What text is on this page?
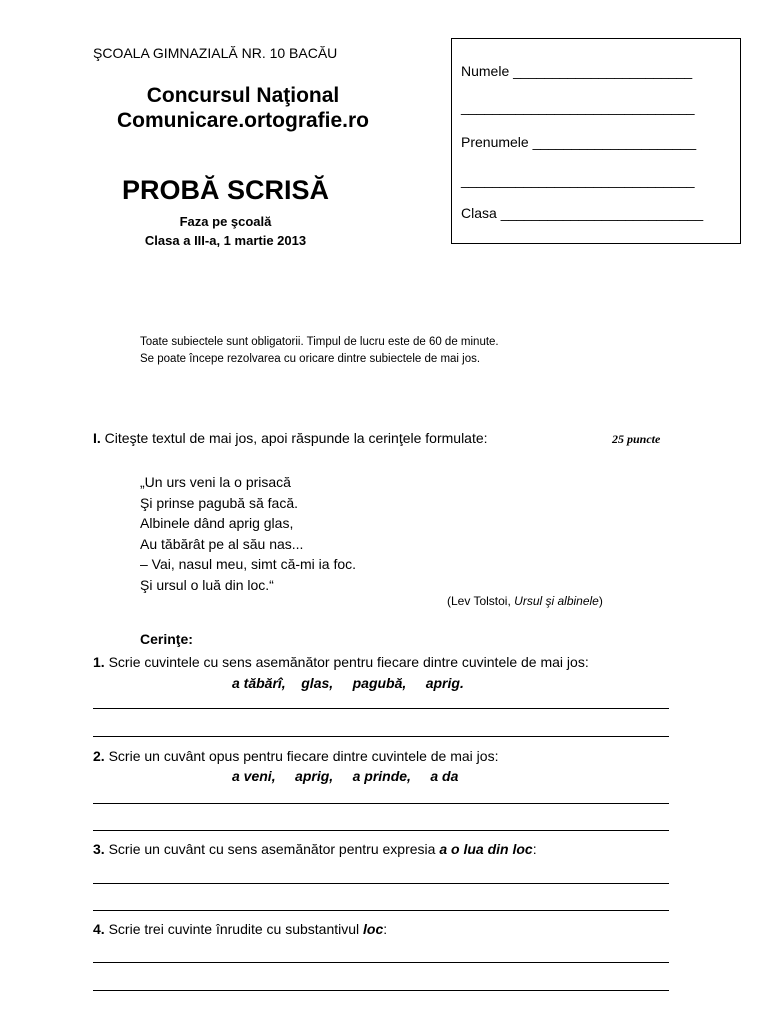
ŞCOALA GIMNAZIALĂ NR. 10 BACĂU
Concursul Naţional
Comunicare.ortografie.ro
PROBĂ SCRISĂ
Faza pe şcoală
Clasa a III-a, 1 martie 2013
Numele _______________________
______________________________
Prenumele _____________________
______________________________
Clasa __________________________
Toate subiectele sunt obligatorii. Timpul de lucru este de 60 de minute.
Se poate începe rezolvarea cu oricare dintre subiectele de mai jos.
I. Citeşte textul de mai jos, apoi răspunde la cerinţele formulate:	25 puncte
„Un urs veni la o prisacă
Şi prinse pagubă să facă.
Albinele dând aprig glas,
Au tăbărât pe al său nas...
– Vai, nasul meu, simt că-mi ia foc.
Şi ursul o luă din loc.“
(Lev Tolstoi, Ursul şi albinele)
Cerinţe:
1. Scrie cuvintele cu sens asemănător pentru fiecare dintre cuvintele de mai jos:
a tăbărî,    glas,     pagubă,     aprig.
2. Scrie un cuvânt opus pentru fiecare dintre cuvintele de mai jos:
a veni,     aprig,     a prinde,     a da
3. Scrie un cuvânt cu sens asemănător pentru expresia a o lua din loc:
4. Scrie trei cuvinte înrudite cu substantivul loc:
